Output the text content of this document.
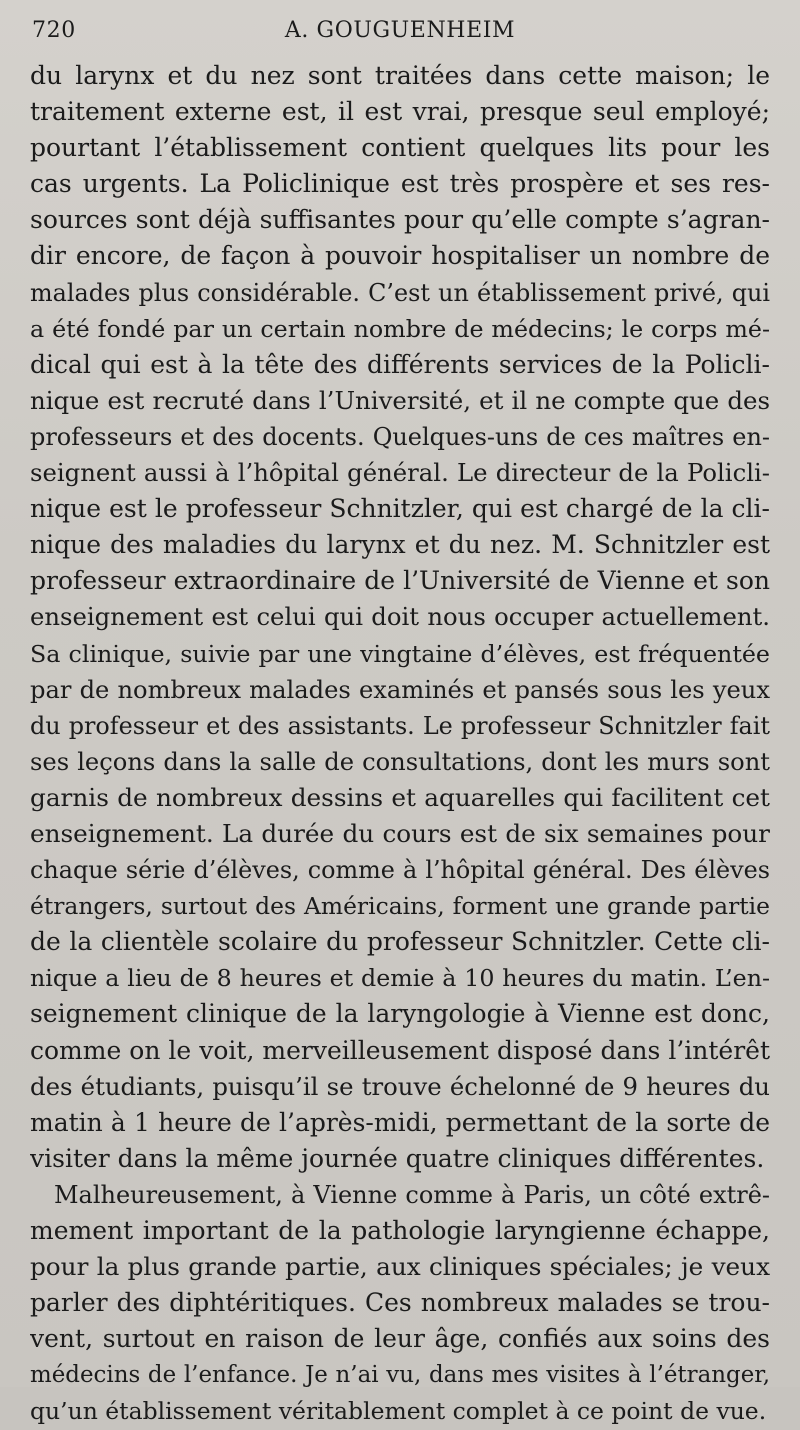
720	A. GOUGUENHEIM
du larynx et du nez sont traitées dans cette maison; le
traitement externe est, il est vrai, presque seul employé;
pourtant l’établissement contient quelques lits pour les
cas urgents. La Policlinique est très prospère et ses res-
sources sont déjà suffisantes pour qu’elle compte s’agran-
dir encore, de façon à pouvoir hospitaliser un nombre de
malades plus considérable. C’est un établissement privé, qui
a été fondé par un certain nombre de médecins; le corps mé-
dical qui est à la tête des différents services de la Policli-
nique est recruté dans l’Université, et il ne compte que des
professeurs et des docents. Quelques-uns de ces maîtres en-
seignent aussi à l’hôpital général. Le directeur de la Policli-
nique est le professeur Schnitzler, qui est chargé de la cli-
nique des maladies du larynx et du nez. M. Schnitzler est
professeur extraordinaire de l’Université de Vienne et son
enseignement est celui qui doit nous occuper actuellement.
Sa clinique, suivie par une vingtaine d’élèves, est fréquentée
par de nombreux malades examinés et pansés sous les yeux
du professeur et des assistants. Le professeur Schnitzler fait
ses leçons dans la salle de consultations, dont les murs sont
garnis de nombreux dessins et aquarelles qui facilitent cet
enseignement. La durée du cours est de six semaines pour
chaque série d’élèves, comme à l’hôpital général. Des élèves
étrangers, surtout des Américains, forment une grande partie
de la clientèle scolaire du professeur Schnitzler. Cette cli-
nique a lieu de 8 heures et demie à 10 heures du matin. L’en-
seignement clinique de la laryngologie à Vienne est donc,
comme on le voit, merveilleusement disposé dans l’intérêt
des étudiants, puisqu’il se trouve échelonné de 9 heures du
matin à 1 heure de l’après-midi, permettant de la sorte de
visiter dans la même journée quatre cliniques différentes.
Malheureusement, à Vienne comme à Paris, un côté extrê-
mement important de la pathologie laryngienne échappe,
pour la plus grande partie, aux cliniques spéciales; je veux
parler des diphtéritiques. Ces nombreux malades se trou-
vent, surtout en raison de leur âge, confiés aux soins des
médecins de l’enfance. Je n’ai vu, dans mes visites à l’étranger,
qu’un établissement véritablement complet à ce point de vue.
